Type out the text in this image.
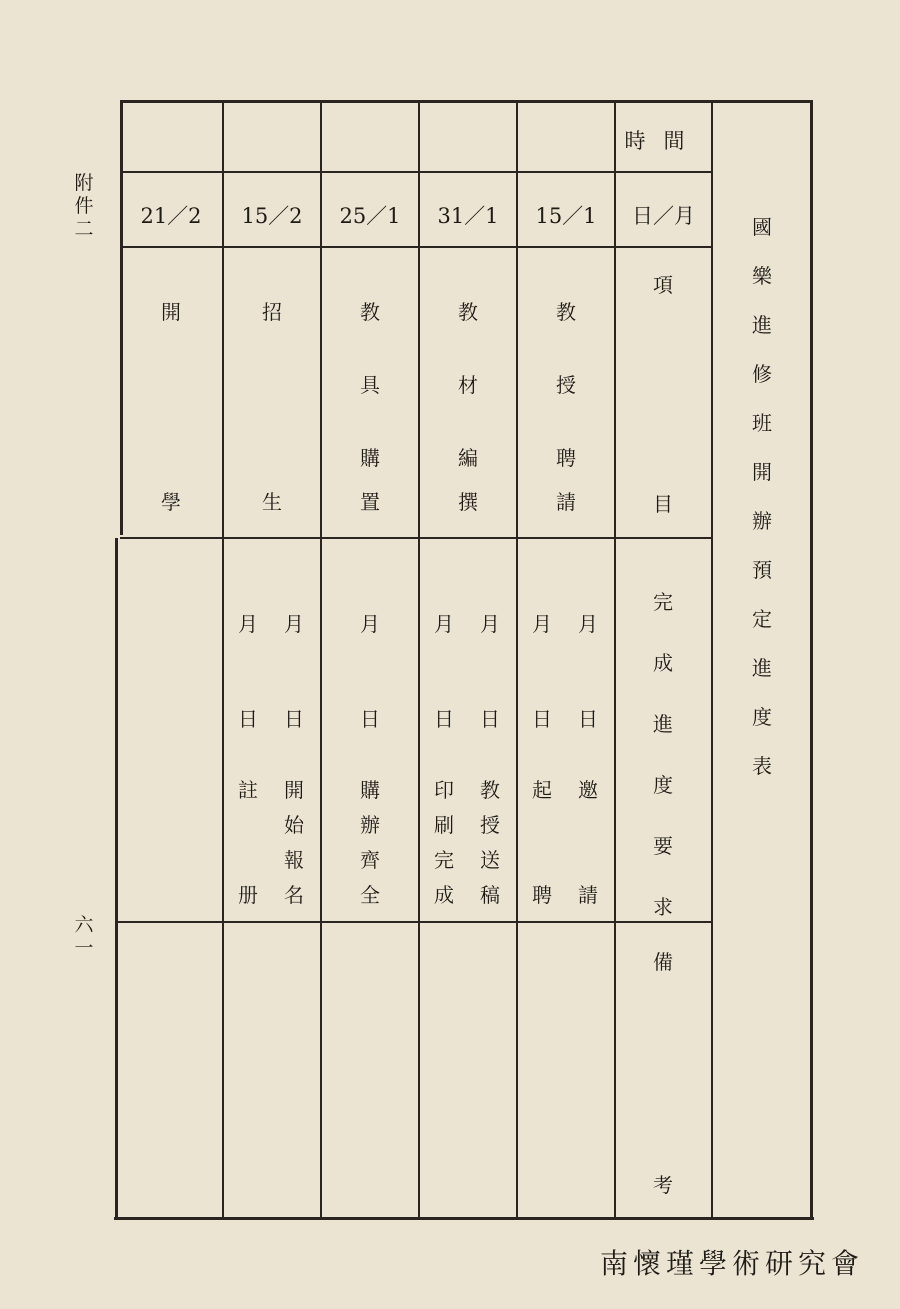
附件二
六一
國
樂
進
修
班
開
辦
預
定
進
度
表
時間
日／月
項
目
完
成
進
度
要
求
備
考
15／1
教
授
聘
請
月
日
邀
請
月
日
起
聘
31／1
教
材
編
撰
月
日
教
授
送
稿
月
日
印
刷
完
成
25／1
教
具
購
置
月
日
購
辦
齊
全
15／2
招
生
月
日
開
始
報
名
月
日
註
册
21／2
開
學
南懷瑾學術研究會
